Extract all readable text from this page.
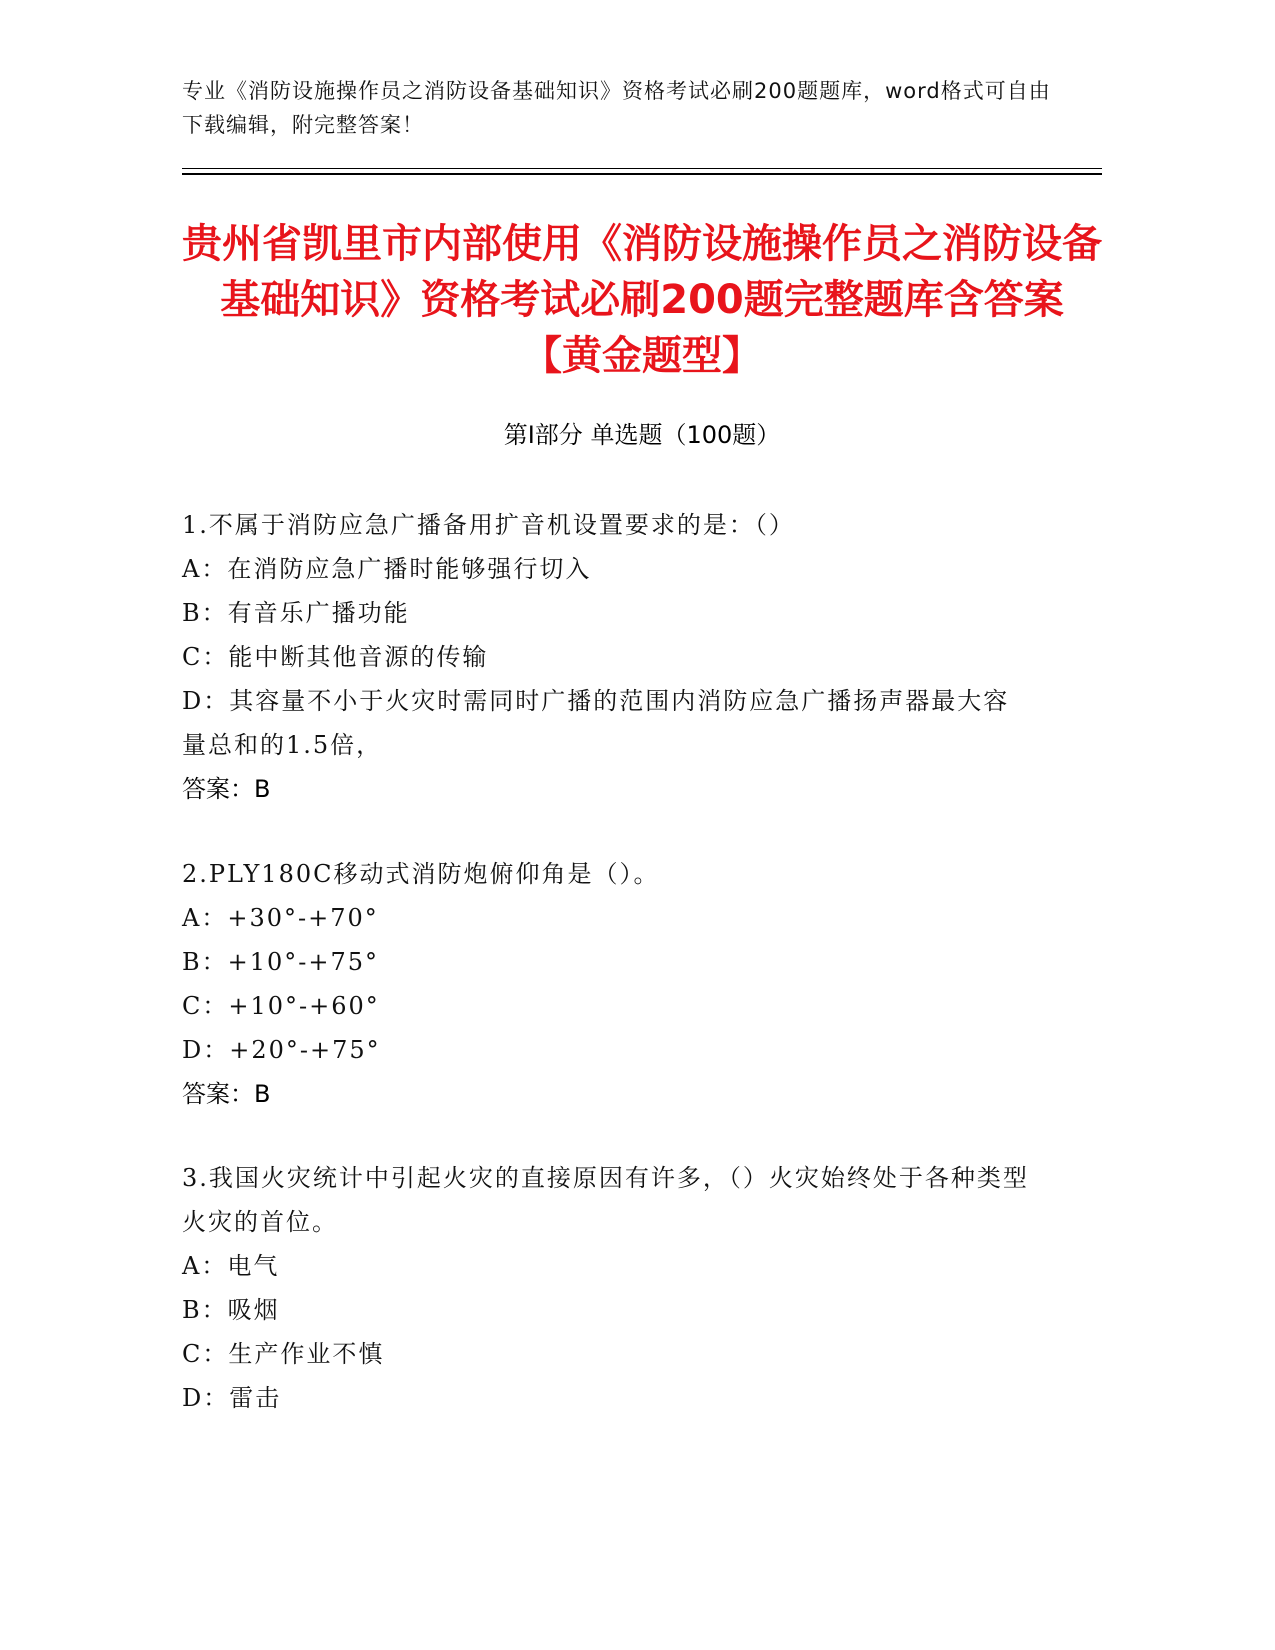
专业《消防设施操作员之消防设备基础知识》资格考试必刷200题题库，word格式可自由下载编辑，附完整答案！
贵州省凯里市内部使用《消防设施操作员之消防设备基础知识》资格考试必刷200题完整题库含答案【黄金题型】
第Ⅰ部分 单选题（100题）
1.不属于消防应急广播备用扩音机设置要求的是：（）
A：在消防应急广播时能够强行切入
B：有音乐广播功能
C：能中断其他音源的传输
D：其容量不小于火灾时需同时广播的范围内消防应急广播扬声器最大容量总和的1.5倍，
答案：B
2.PLY180C移动式消防炮俯仰角是（）。
A：+30°-+70°
B：+10°-+75°
C：+10°-+60°
D：+20°-+75°
答案：B
3.我国火灾统计中引起火灾的直接原因有许多，（）火灾始终处于各种类型火灾的首位。
A：电气
B：吸烟
C：生产作业不慎
D：雷击
